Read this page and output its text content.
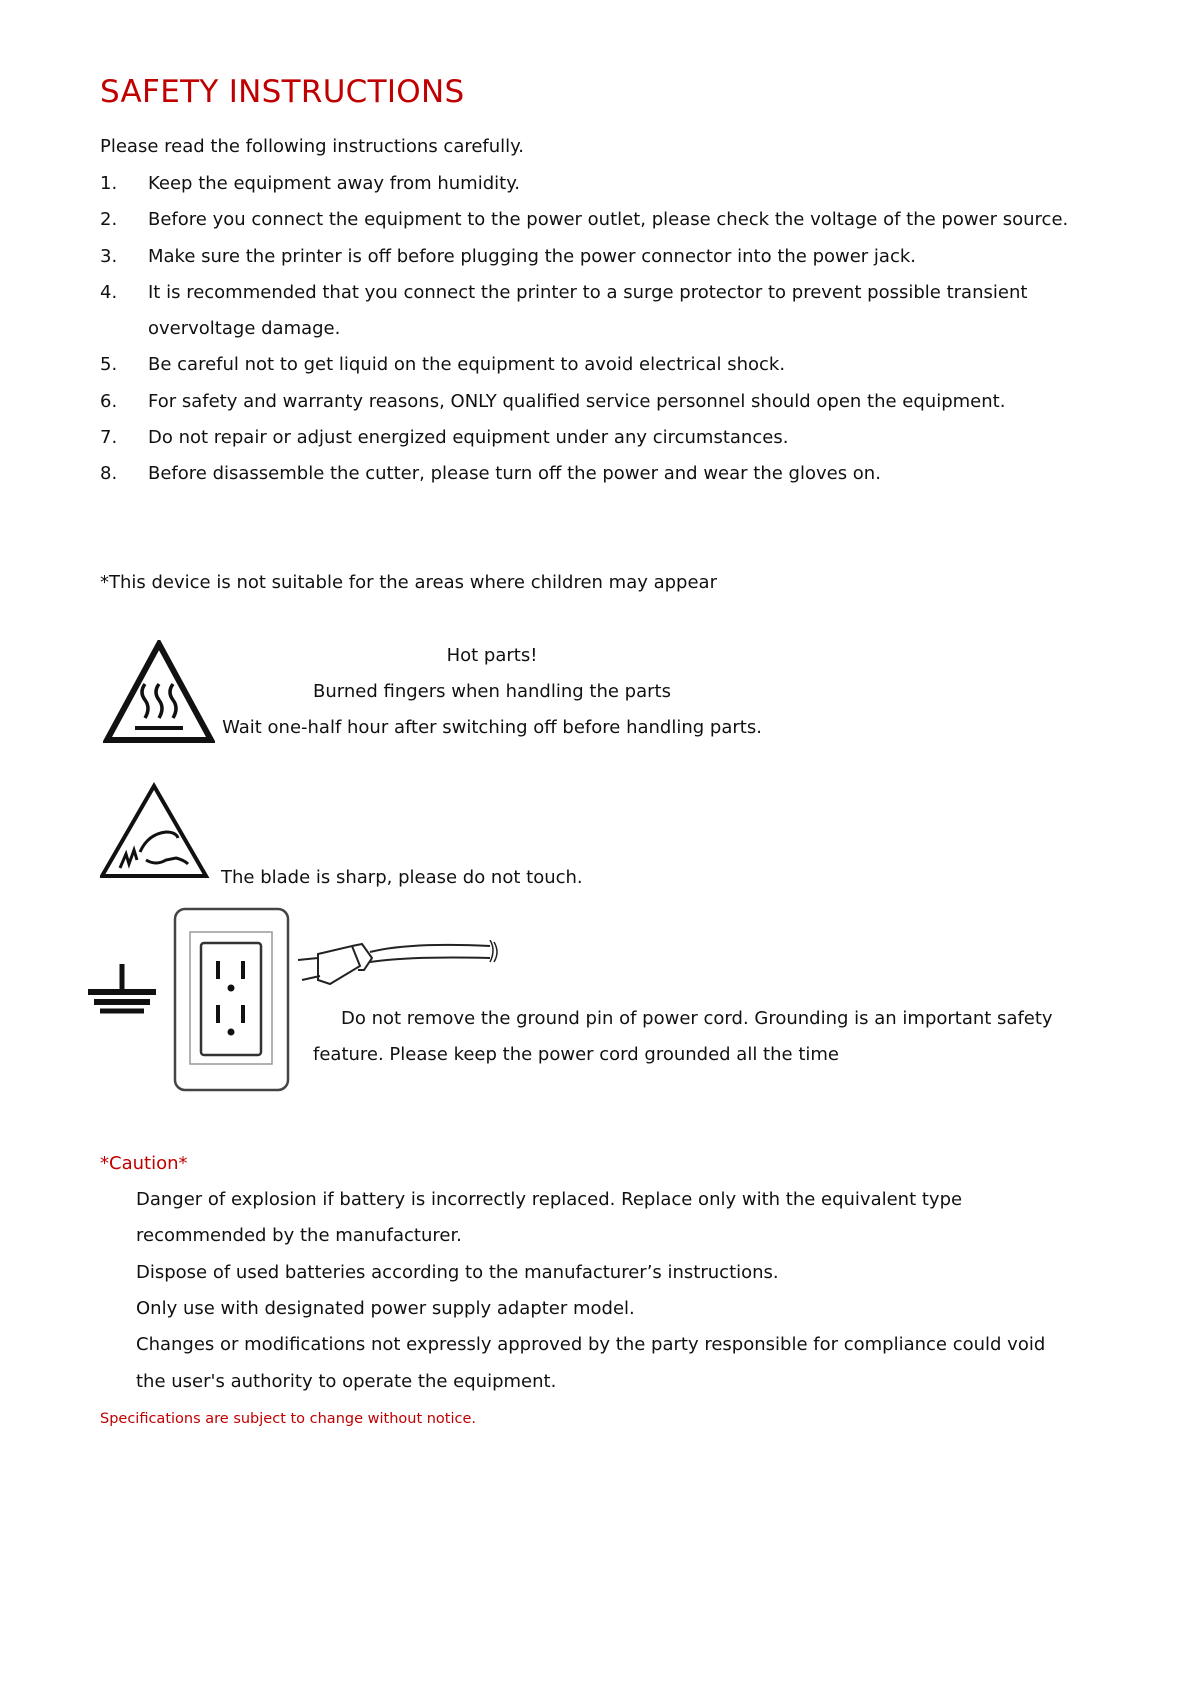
SAFETY INSTRUCTIONS
Please read the following instructions carefully.
1. Keep the equipment away from humidity.
2. Before you connect the equipment to the power outlet, please check the voltage of the power source.
3. Make sure the printer is off before plugging the power connector into the power jack.
4. It is recommended that you connect the printer to a surge protector to prevent possible transient
overvoltage damage.
5. Be careful not to get liquid on the equipment to avoid electrical shock.
6. For safety and warranty reasons, ONLY qualified service personnel should open the equipment.
7. Do not repair or adjust energized equipment under any circumstances.
8. Before disassemble the cutter, please turn off the power and wear the gloves on.
*This device is not suitable for the areas where children may appear
Hot parts!
Burned fingers when handling the parts
Wait one-half hour after switching off before handling parts.
The blade is sharp, please do not touch.
Do not remove the ground pin of power cord. Grounding is an important safety
feature. Please keep the power cord grounded all the time
*Caution*
Danger of explosion if battery is incorrectly replaced. Replace only with the equivalent type
recommended by the manufacturer.
Dispose of used batteries according to the manufacturer’s instructions.
Only use with designated power supply adapter model.
Changes or modifications not expressly approved by the party responsible for compliance could void
the user's authority to operate the equipment.
Specifications are subject to change without notice.
